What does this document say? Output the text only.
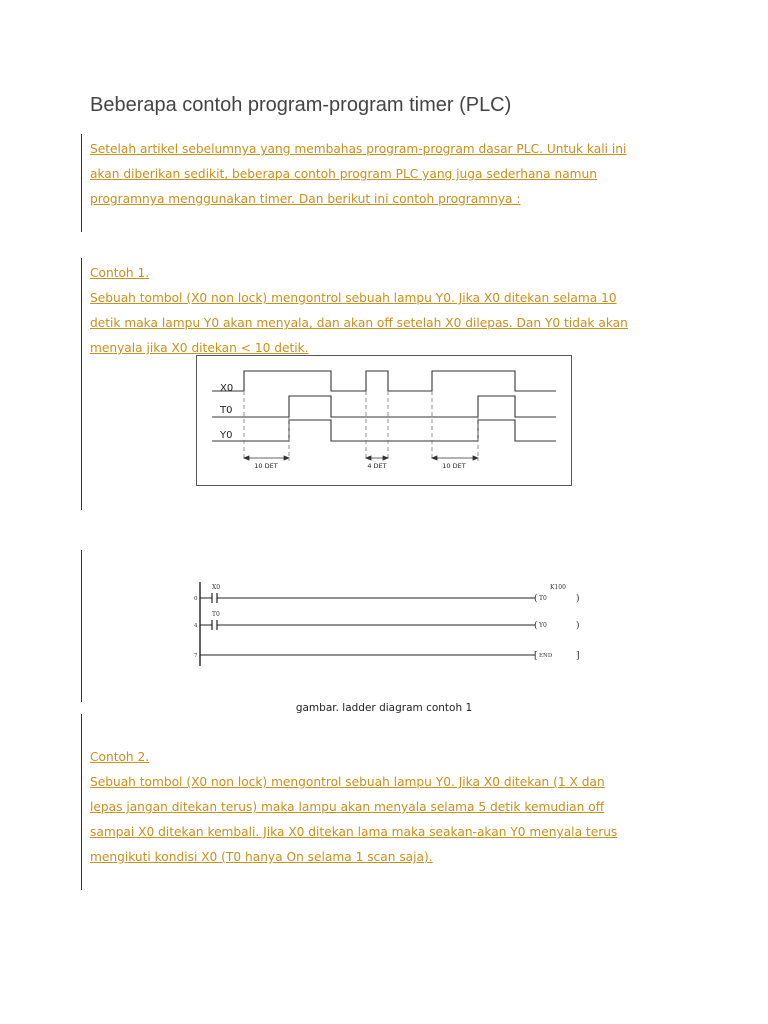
Beberapa contoh program-program timer (PLC)
Setelah artikel sebelumnya yang membahas program-program dasar PLC. Untuk kali ini
akan diberikan sedikit, beberapa contoh program PLC yang juga sederhana namun
programnya menggunakan timer. Dan berikut ini contoh programnya :
Contoh 1.
Sebuah tombol (X0 non lock) mengontrol sebuah lampu Y0. Jika X0 ditekan selama 10
detik maka lampu Y0 akan menyala, dan akan off setelah X0 dilepas. Dan Y0 tidak akan
menyala jika X0 ditekan < 10 detik.
X0
T0
Y0
10 DET	4 DET	10 DET
0
4
7
X0
( T0
K100
)
T0
( Y0	)
[ END	]
gambar. ladder diagram contoh 1
Contoh 2.
Sebuah tombol (X0 non lock) mengontrol sebuah lampu Y0. Jika X0 ditekan (1 X dan
lepas jangan ditekan terus) maka lampu akan menyala selama 5 detik kemudian off
sampai X0 ditekan kembali. Jika X0 ditekan lama maka seakan-akan Y0 menyala terus
mengikuti kondisi X0 (T0 hanya On selama 1 scan saja).
